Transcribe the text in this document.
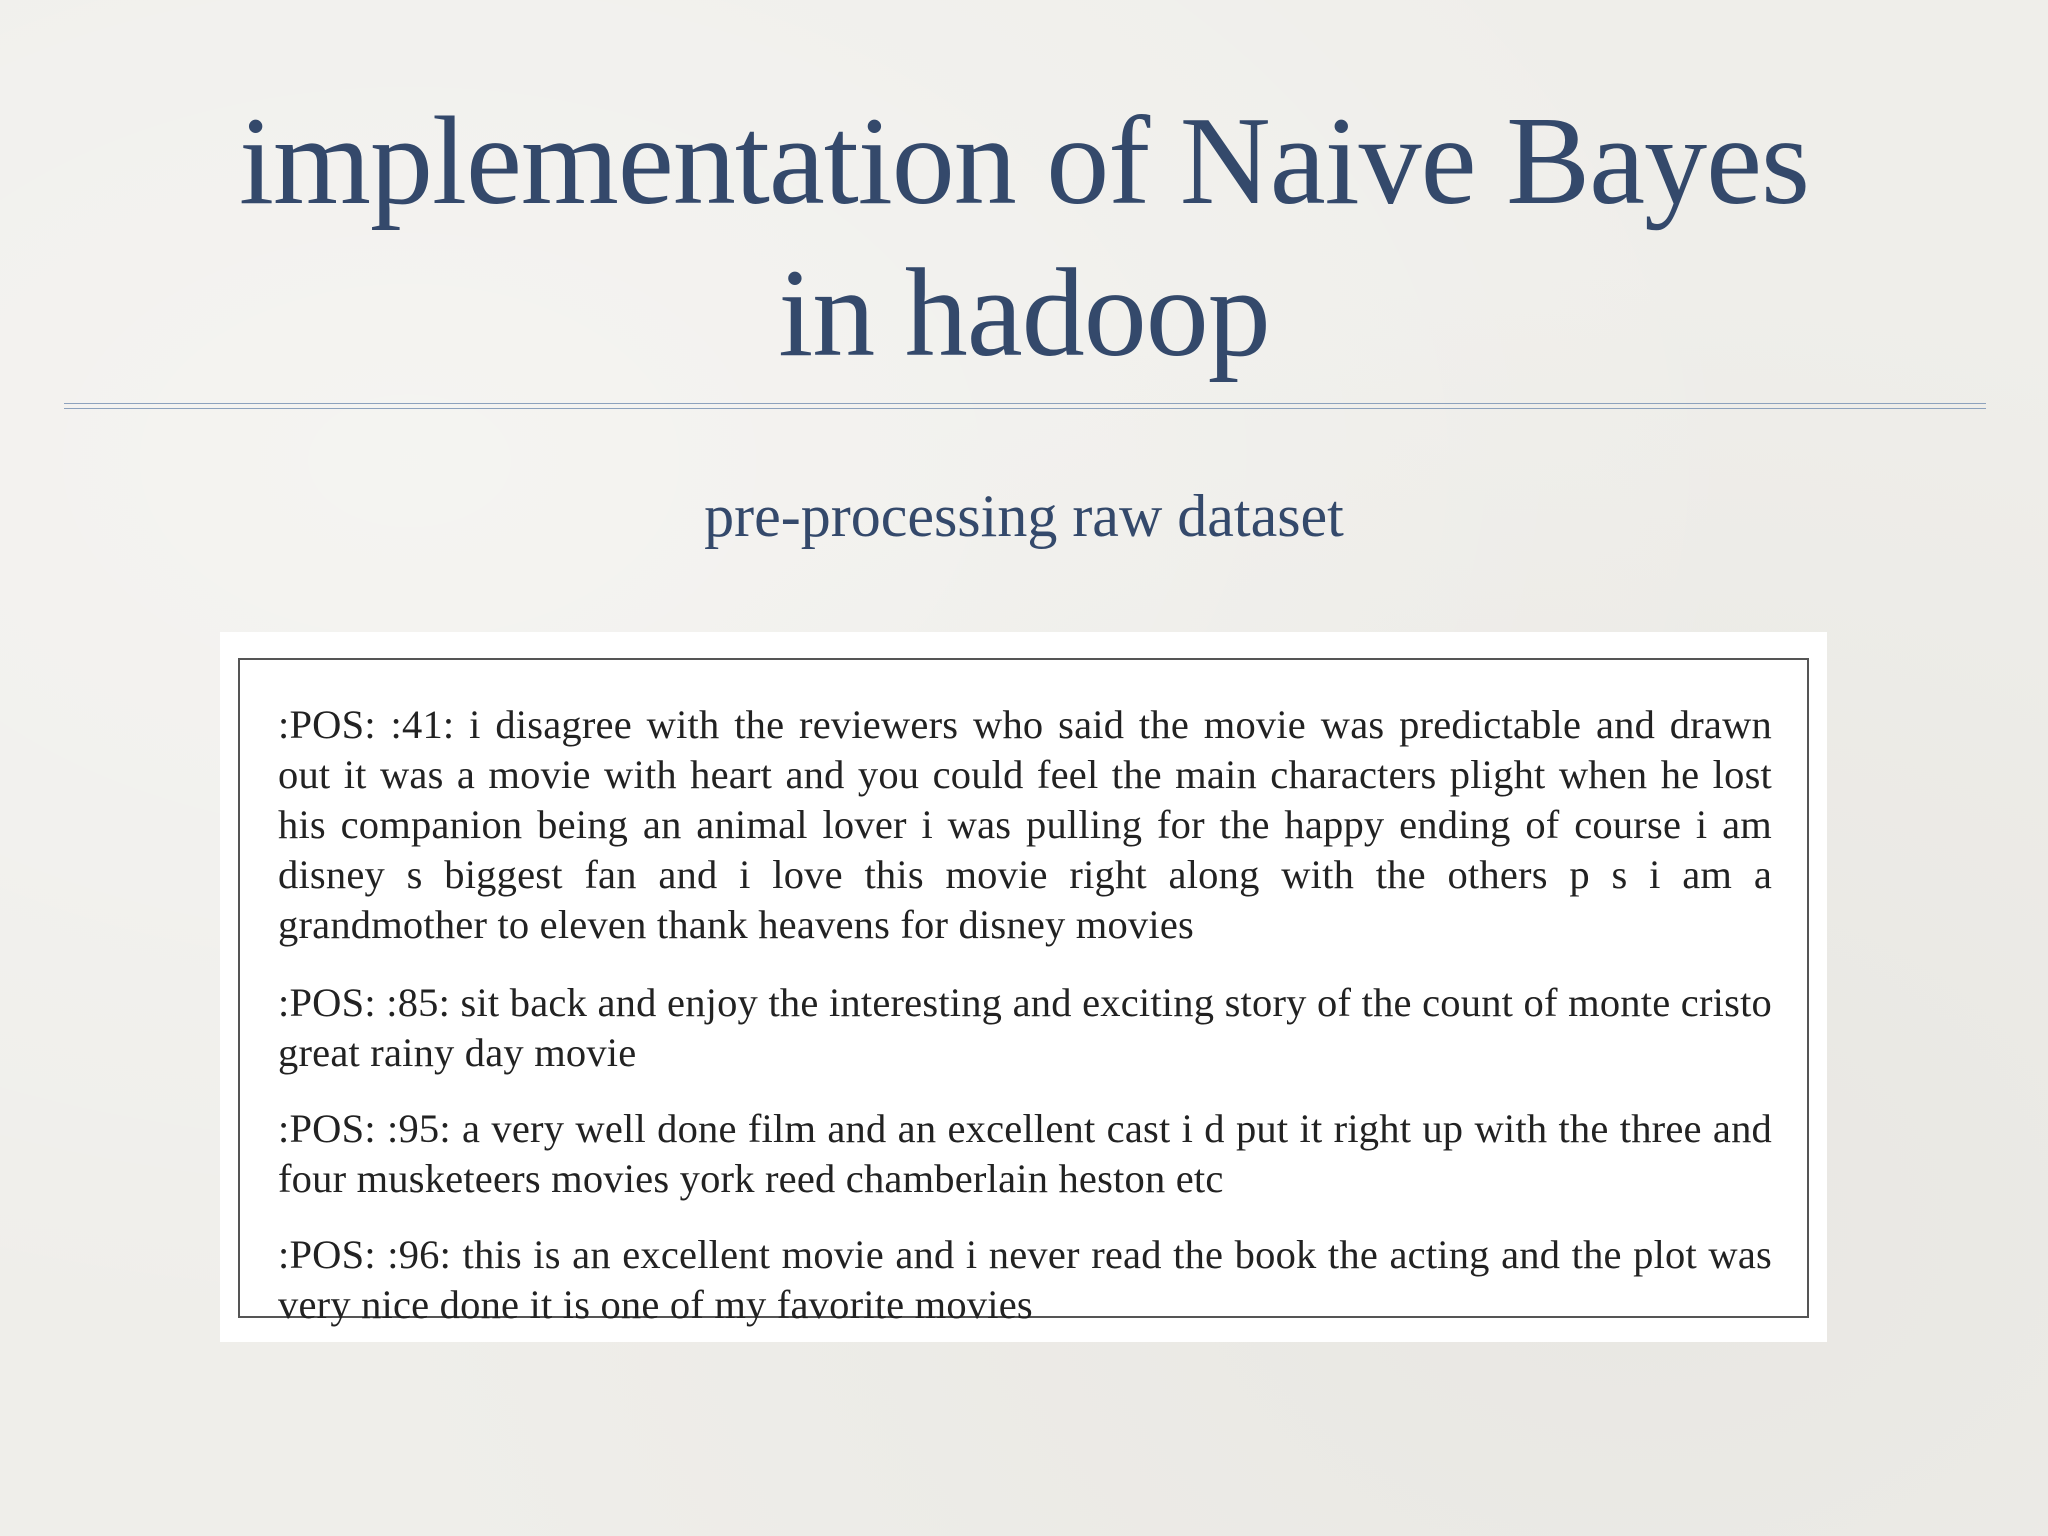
implementation of Naive Bayes
in hadoop
pre-processing raw dataset
:POS: :41: i disagree with the reviewers who said the movie was predictable and drawn out it was a movie with heart and you could feel the main characters plight when he lost his companion being an animal lover i was pulling for the happy ending of course i am disney s biggest fan and i love this movie right along with the others p s i am a grandmother to eleven thank heavens for disney movies
:POS: :85: sit back and enjoy the interesting and exciting story of the count of monte cristo great rainy day movie
:POS: :95: a very well done film and an excellent cast i d put it right up with the three and four musketeers movies york reed chamberlain heston etc
:POS: :96: this is an excellent movie and i never read the book the acting and the plot was very nice done it is one of my favorite movies
